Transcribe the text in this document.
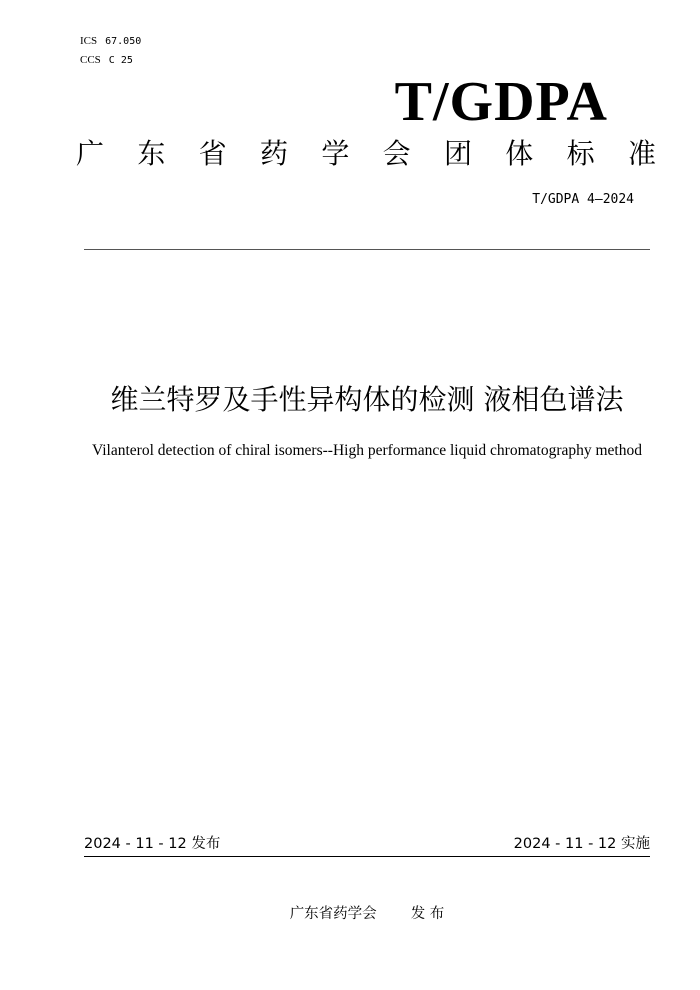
ICS 67.050
CCS C 25
T/GDPA
广 东 省 药 学 会 团 体 标 准
T/GDPA 4—2024
维兰特罗及手性异构体的检测 液相色谱法
Vilanterol detection of chiral isomers--High performance liquid chromatography method
2024 - 11 - 12 发布	2024 - 11 - 12 实施
广东省药学会 发 布
